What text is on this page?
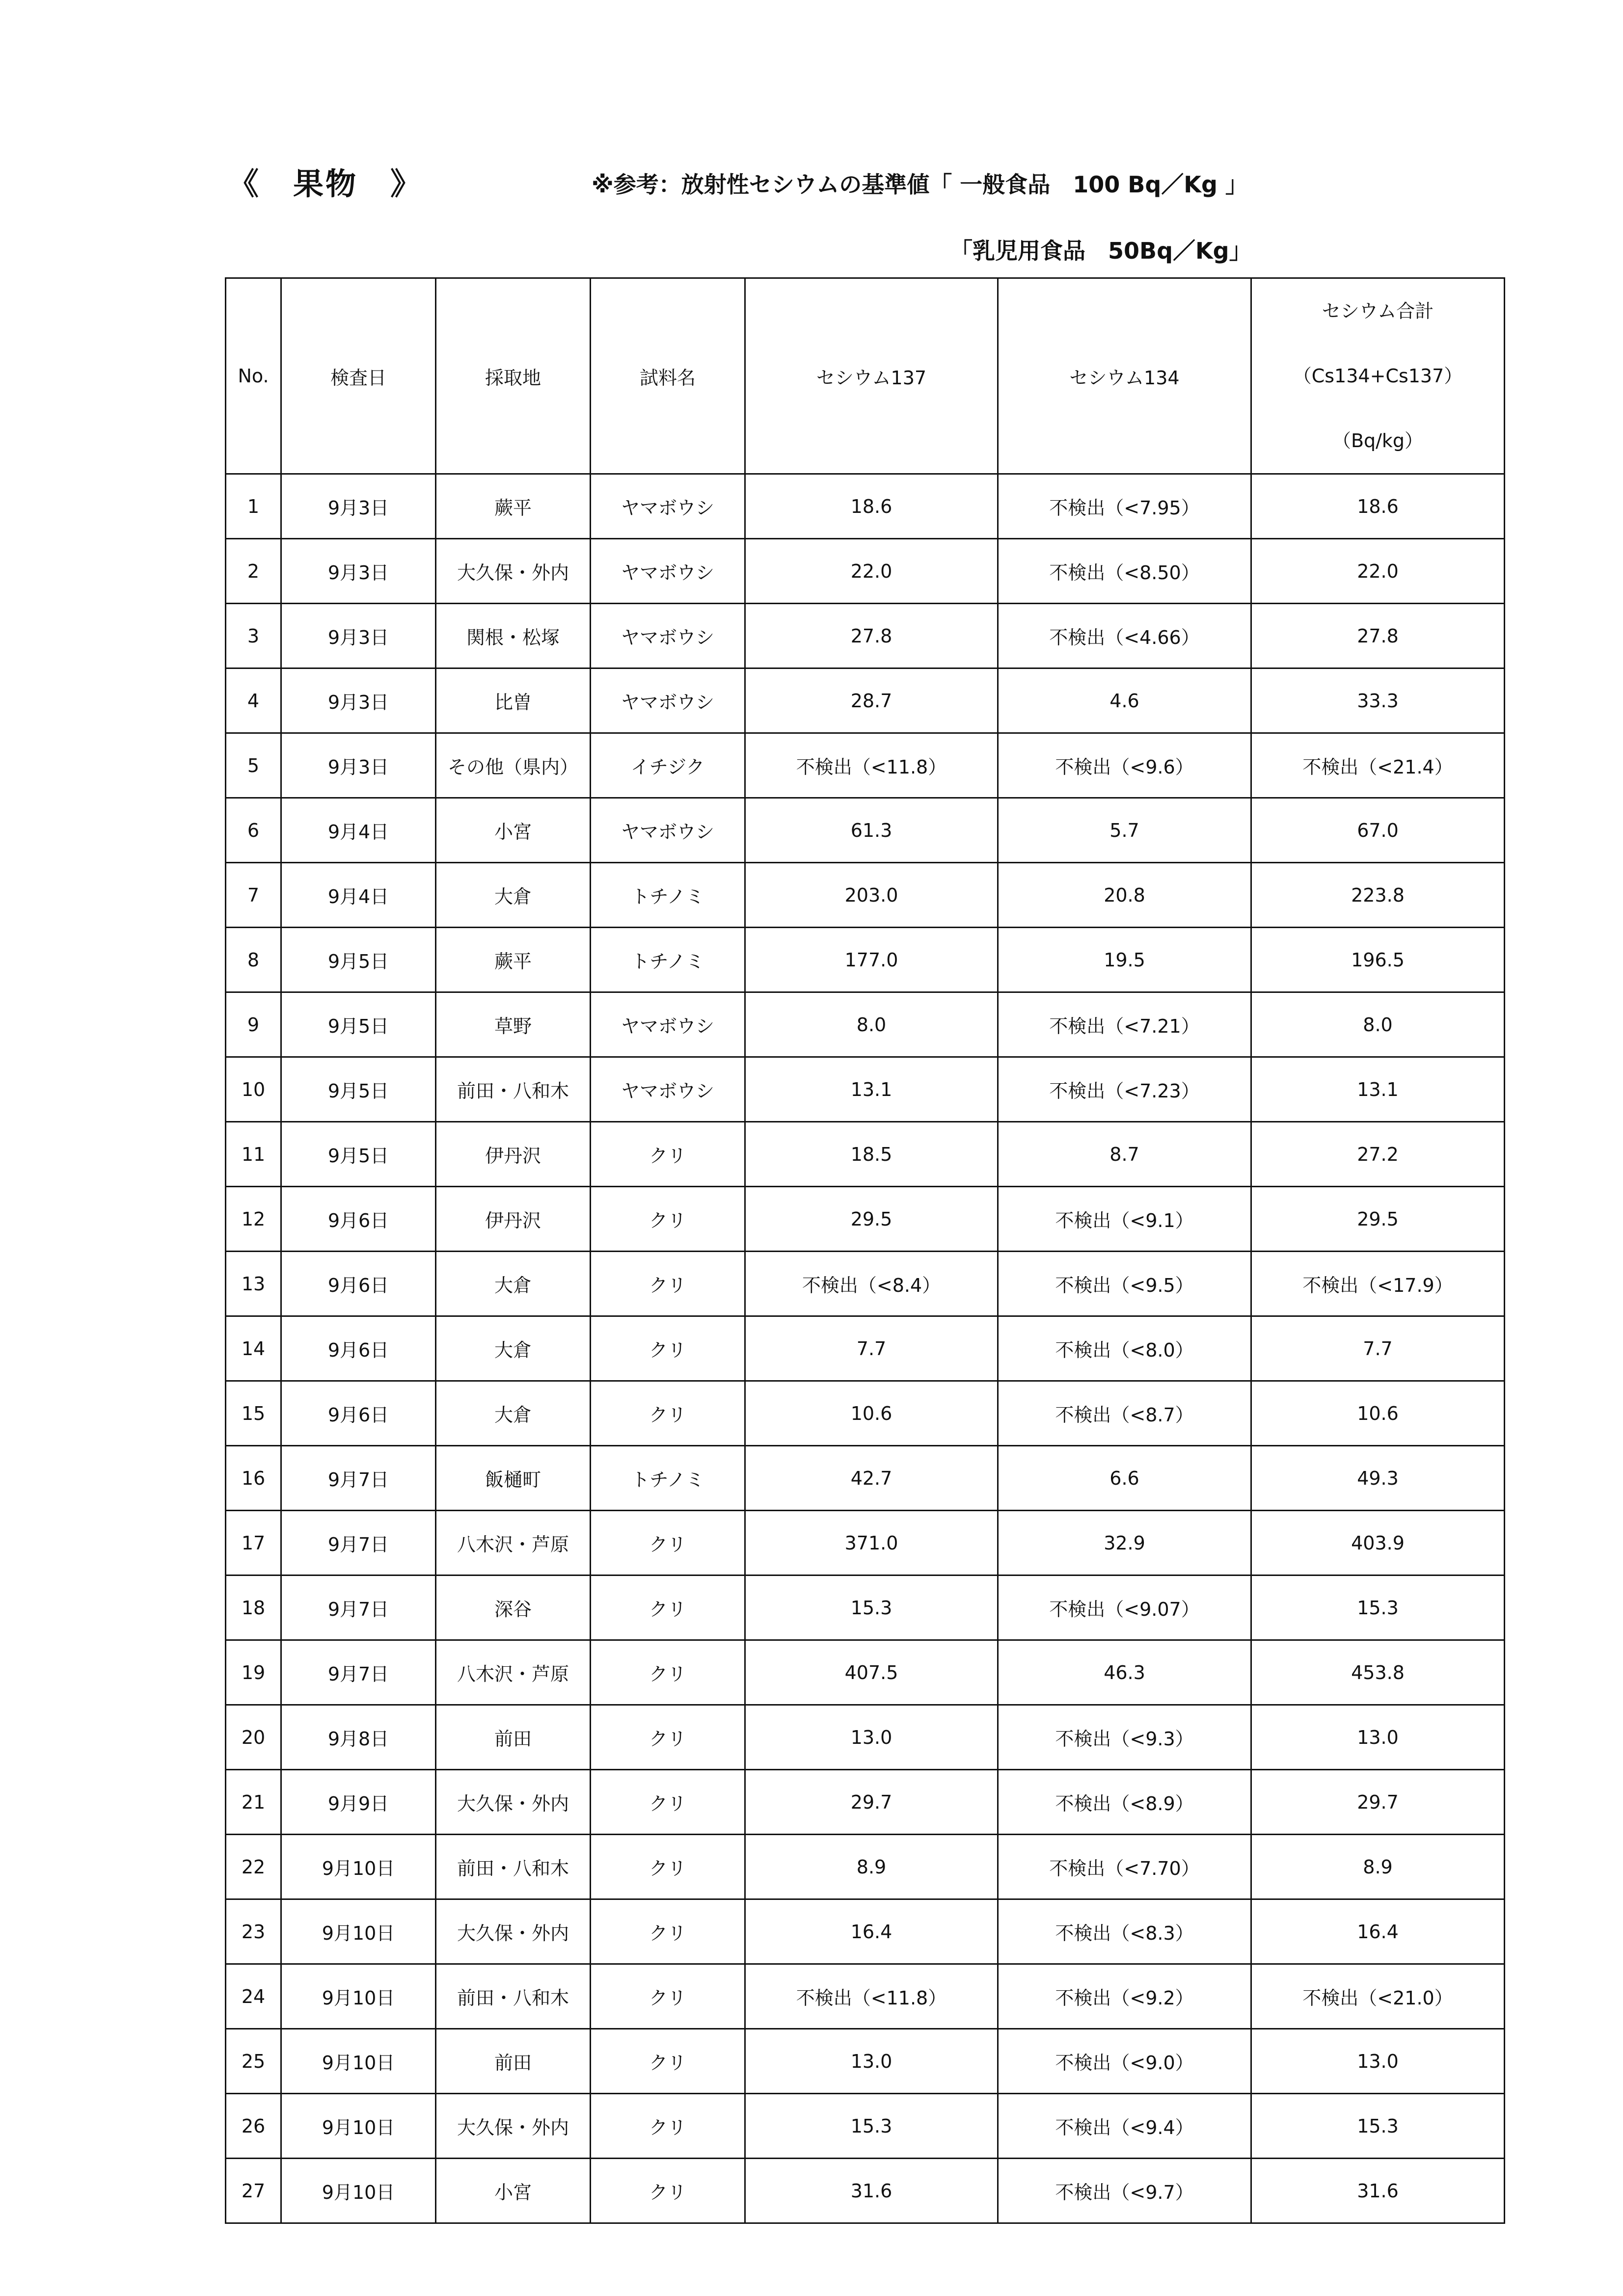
《　果物　》	※参考：放射性セシウムの基準値「 一般食品　100 Bq／Kg 」
「乳児用食品　50Bq／Kg」
No.	検査日	採取地	試料名	セシウム137	セシウム134	セシウム合計
（Cs134+Cs137）
（Bq/kg）

1	9月3日	蕨平	ヤマボウシ	18.6	不検出（<7.95）	18.6
2	9月3日	大久保・外内	ヤマボウシ	22.0	不検出（<8.50）	22.0
3	9月3日	関根・松塚	ヤマボウシ	27.8	不検出（<4.66）	27.8
4	9月3日	比曽	ヤマボウシ	28.7	4.6	33.3
5	9月3日	その他（県内）	イチジク	不検出（<11.8）	不検出（<9.6）	不検出（<21.4）
6	9月4日	小宮	ヤマボウシ	61.3	5.7	67.0
7	9月4日	大倉	トチノミ	203.0	20.8	223.8
8	9月5日	蕨平	トチノミ	177.0	19.5	196.5
9	9月5日	草野	ヤマボウシ	8.0	不検出（<7.21）	8.0
10	9月5日	前田・八和木	ヤマボウシ	13.1	不検出（<7.23）	13.1
11	9月5日	伊丹沢	クリ	18.5	8.7	27.2
12	9月6日	伊丹沢	クリ	29.5	不検出（<9.1）	29.5
13	9月6日	大倉	クリ	不検出（<8.4）	不検出（<9.5）	不検出（<17.9）
14	9月6日	大倉	クリ	7.7	不検出（<8.0）	7.7
15	9月6日	大倉	クリ	10.6	不検出（<8.7）	10.6
16	9月7日	飯樋町	トチノミ	42.7	6.6	49.3
17	9月7日	八木沢・芦原	クリ	371.0	32.9	403.9
18	9月7日	深谷	クリ	15.3	不検出（<9.07）	15.3
19	9月7日	八木沢・芦原	クリ	407.5	46.3	453.8
20	9月8日	前田	クリ	13.0	不検出（<9.3）	13.0
21	9月9日	大久保・外内	クリ	29.7	不検出（<8.9）	29.7
22	9月10日	前田・八和木	クリ	8.9	不検出（<7.70）	8.9
23	9月10日	大久保・外内	クリ	16.4	不検出（<8.3）	16.4
24	9月10日	前田・八和木	クリ	不検出（<11.8）	不検出（<9.2）	不検出（<21.0）
25	9月10日	前田	クリ	13.0	不検出（<9.0）	13.0
26	9月10日	大久保・外内	クリ	15.3	不検出（<9.4）	15.3
27	9月10日	小宮	クリ	31.6	不検出（<9.7）	31.6
